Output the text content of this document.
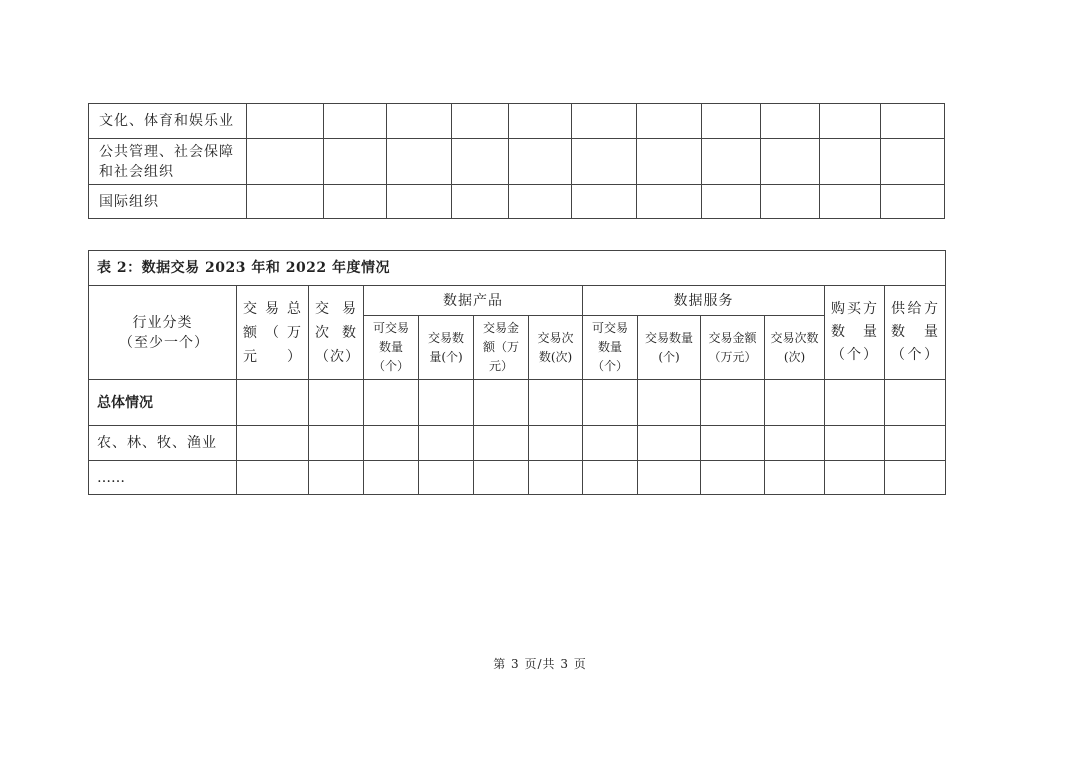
文化、体育和娱乐业											
公共管理、社会保障和社会组织											
国际组织											
表 2：数据交易 2023 年和 2022 年度情况												
行业分类（至少一个）	交易总额（万元）	交易次数（次）	数据产品				数据服务				购买方数量（个）	供给方数量（个）
			可交易数量（个）	交易数量(个)	交易金额（万元）	交易次数(次)	可交易数量（个）	交易数量(个)	交易金额（万元）	交易次数(次)		
总体情况												
农、林、牧、渔业												
……												
第 3 页/共 3 页
